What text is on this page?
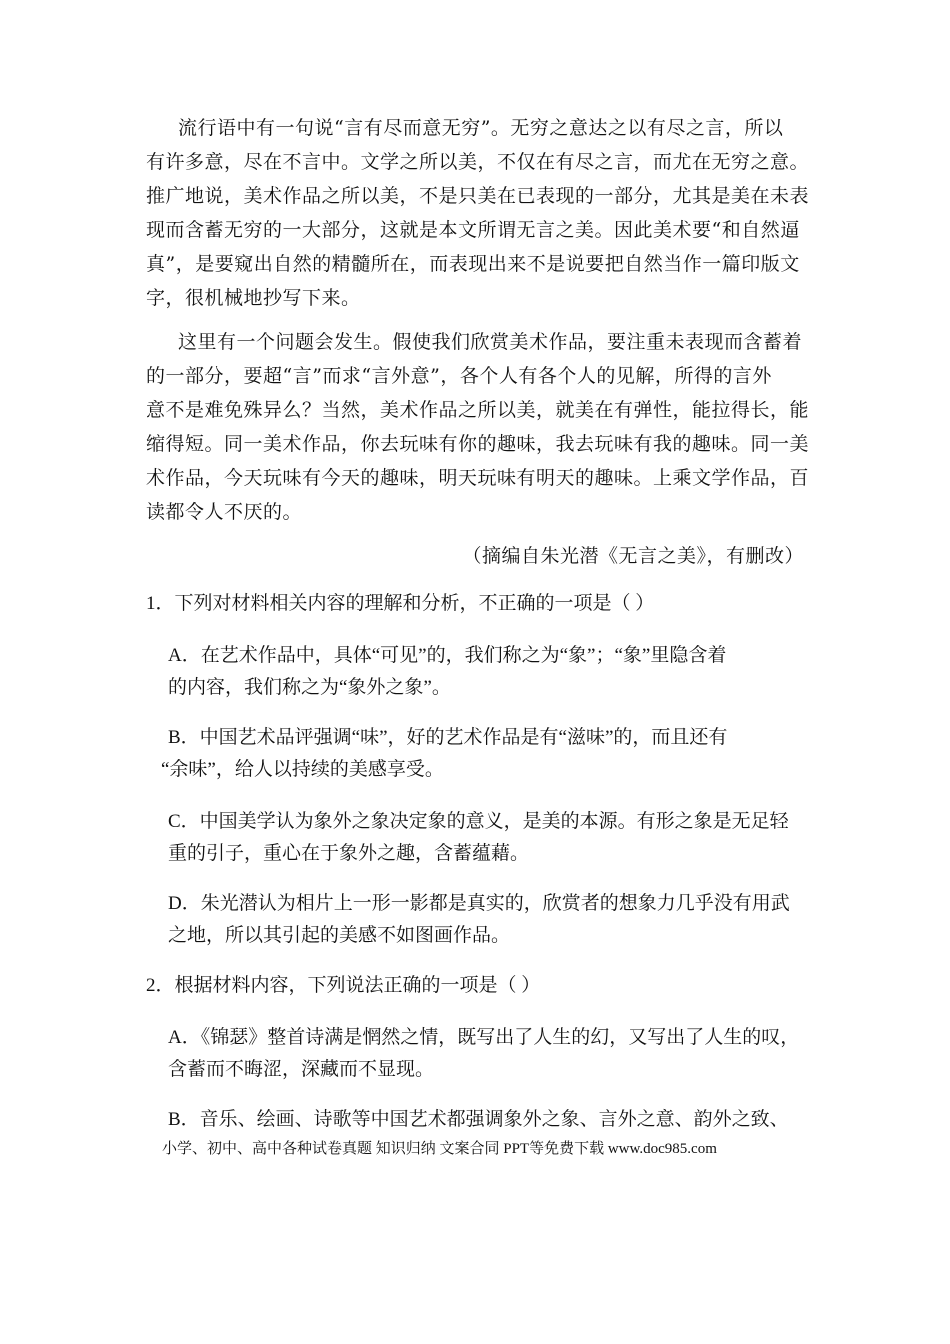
流行语中有一句说“言有尽而意无穷”。无穷之意达之以有尽之言，所以
有许多意，尽在不言中。文学之所以美，不仅在有尽之言，而尤在无穷之意。
推广地说，美术作品之所以美，不是只美在已表现的一部分，尤其是美在未表
现而含蓄无穷的一大部分，这就是本文所谓无言之美。因此美术要“和自然逼
真”，是要窥出自然的精髓所在，而表现出来不是说要把自然当作一篇印版文
字，很机械地抄写下来。
这里有一个问题会发生。假使我们欣赏美术作品，要注重未表现而含蓄着
的一部分，要超“言”而求“言外意”，各个人有各个人的见解，所得的言外
意不是难免殊异么？当然，美术作品之所以美，就美在有弹性，能拉得长，能
缩得短。同一美术作品，你去玩味有你的趣味，我去玩味有我的趣味。同一美
术作品，今天玩味有今天的趣味，明天玩味有明天的趣味。上乘文学作品，百
读都令人不厌的。
（摘编自朱光潜《无言之美》，有删改）
1．下列对材料相关内容的理解和分析，不正确的一项是（ ）
A．在艺术作品中，具体“可见”的，我们称之为“象”；“象”里隐含着
的内容，我们称之为“象外之象”。
B．中国艺术品评强调“味”，好的艺术作品是有“滋味”的，而且还有
“余味”，给人以持续的美感享受。
C．中国美学认为象外之象决定象的意义，是美的本源。有形之象是无足轻
重的引子，重心在于象外之趣，含蓄蕴藉。
D．朱光潜认为相片上一形一影都是真实的，欣赏者的想象力几乎没有用武
之地，所以其引起的美感不如图画作品。
2．根据材料内容，下列说法正确的一项是（ ）
A．《锦瑟》整首诗满是惘然之情，既写出了人生的幻，又写出了人生的叹，
含蓄而不晦涩，深藏而不显现。
B．音乐、绘画、诗歌等中国艺术都强调象外之象、言外之意、韵外之致、
小学、初中、高中各种试卷真题 知识归纳 文案合同 PPT等免费下载 www.doc985.com
